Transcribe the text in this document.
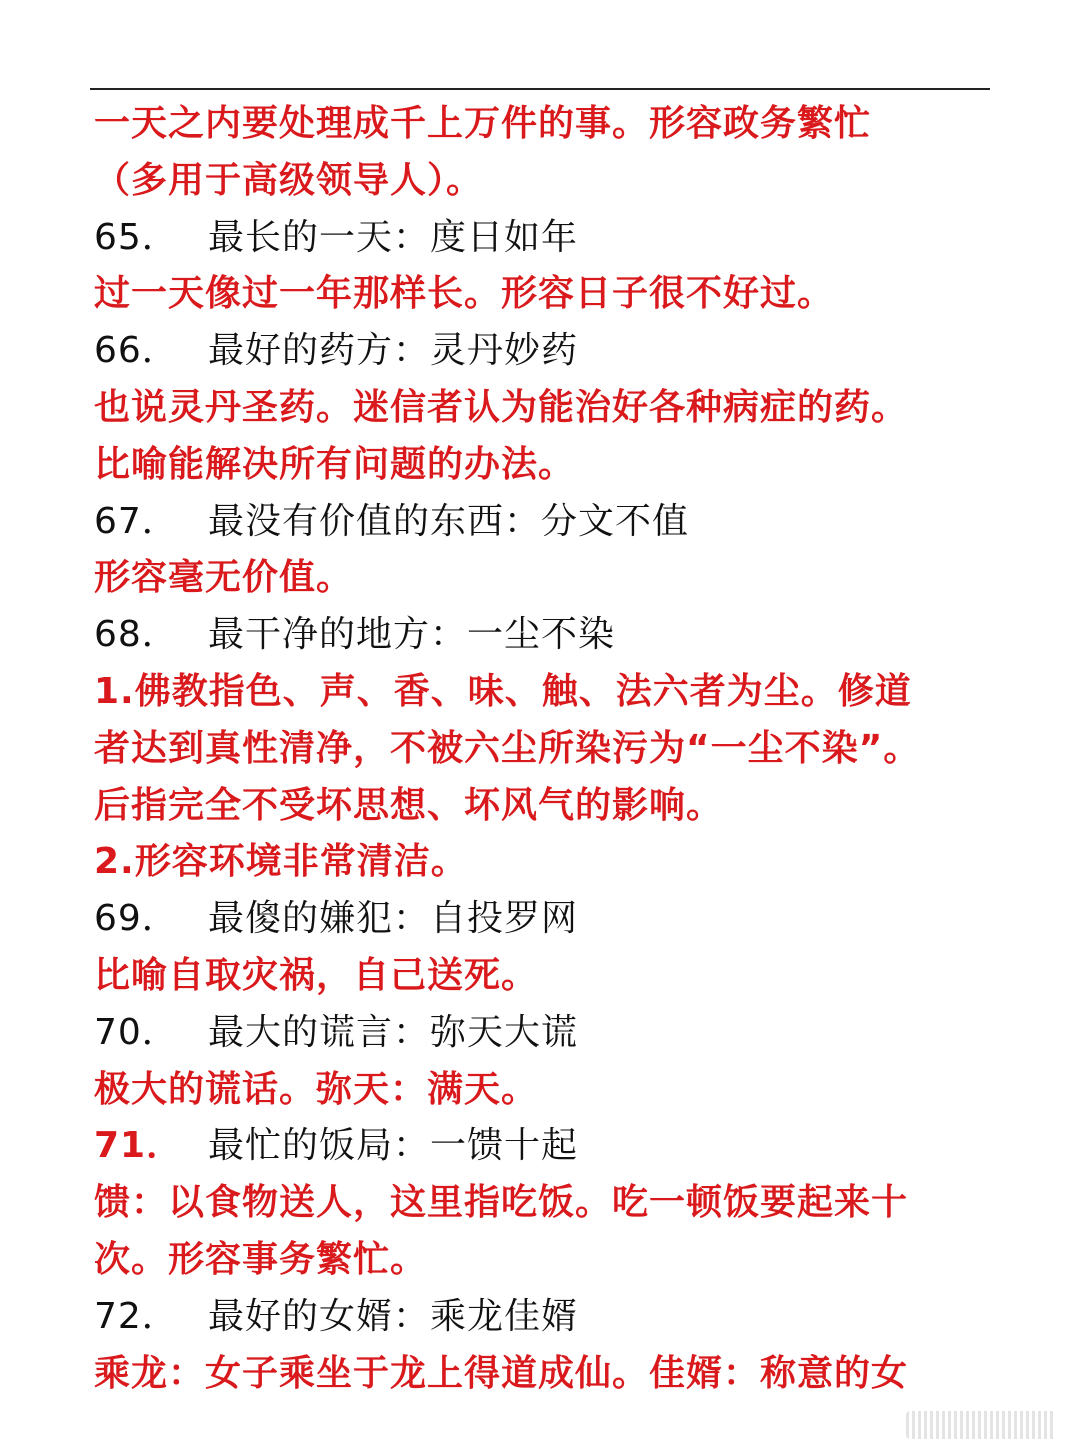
一天之内要处理成千上万件的事。形容政务繁忙
（多用于高级领导人）。
65． 最长的一天：度日如年
过一天像过一年那样长。形容日子很不好过。
66． 最好的药方：灵丹妙药
也说灵丹圣药。迷信者认为能治好各种病症的药。
比喻能解决所有问题的办法。
67． 最没有价值的东西：分文不值
形容毫无价值。
68． 最干净的地方：一尘不染
1.佛教指色、声、香、味、触、法六者为尘。修道
者达到真性清净，不被六尘所染污为“一尘不染”。
后指完全不受坏思想、坏风气的影响。
2.形容环境非常清洁。
69． 最傻的嫌犯：自投罗网
比喻自取灾祸，自己送死。
70． 最大的谎言：弥天大谎
极大的谎话。弥天：满天。
71． 最忙的饭局：一馈十起
馈：以食物送人，这里指吃饭。吃一顿饭要起来十
次。形容事务繁忙。
72． 最好的女婿：乘龙佳婿
乘龙：女子乘坐于龙上得道成仙。佳婿：称意的女
